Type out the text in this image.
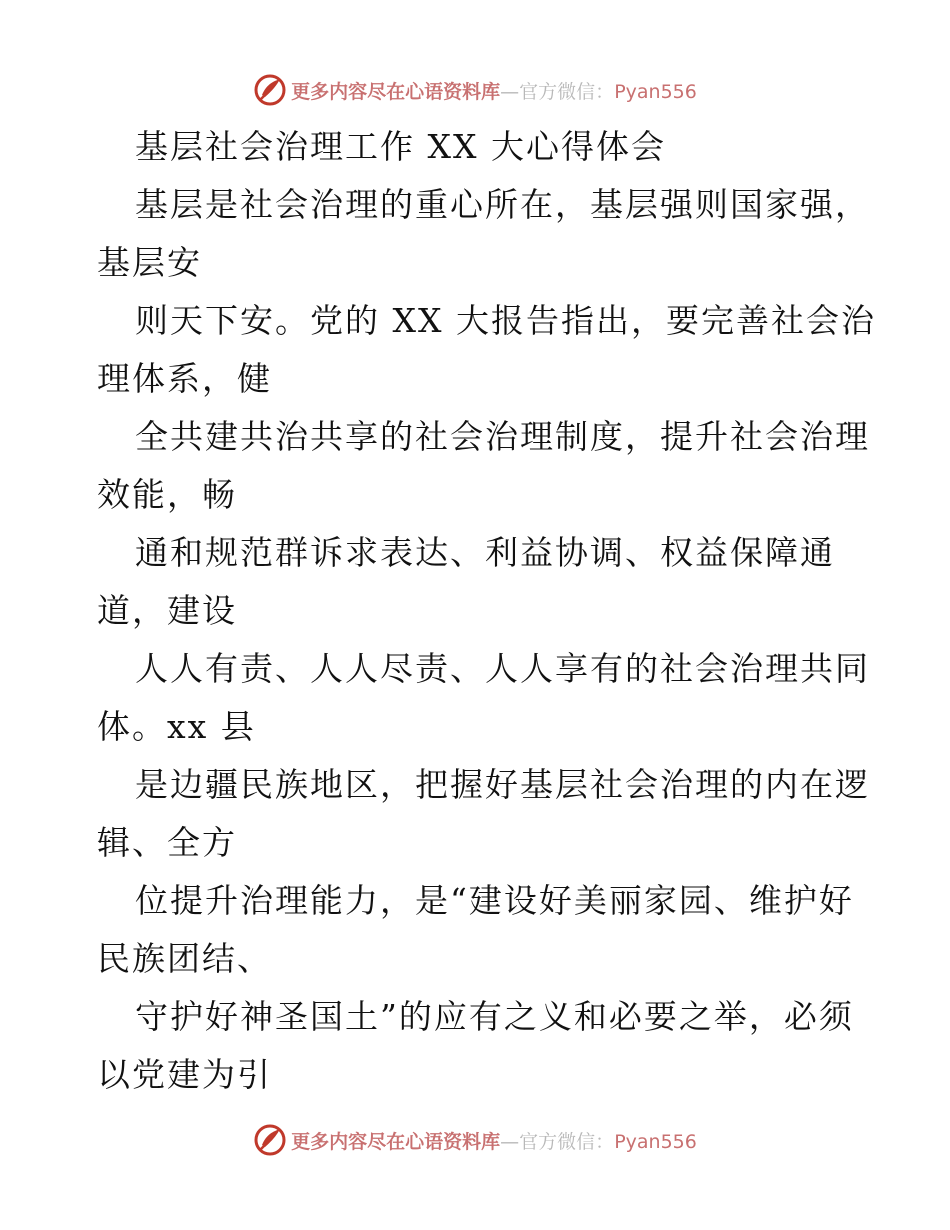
更多内容尽在心语资料库—官方微信：Pyan556
基层社会治理工作 XX 大心得体会
基层是社会治理的重心所在，基层强则国家强，
基层安
则天下安。党的 XX 大报告指出，要完善社会治
理体系，健
全共建共治共享的社会治理制度，提升社会治理
效能，畅
通和规范群诉求表达、利益协调、权益保障通
道，建设
人人有责、人人尽责、人人享有的社会治理共同
体。xx 县
是边疆民族地区，把握好基层社会治理的内在逻
辑、全方
位提升治理能力，是“建设好美丽家园、维护好
民族团结、
守护好神圣国土”的应有之义和必要之举，必须
以党建为引
更多内容尽在心语资料库—官方微信：Pyan556
